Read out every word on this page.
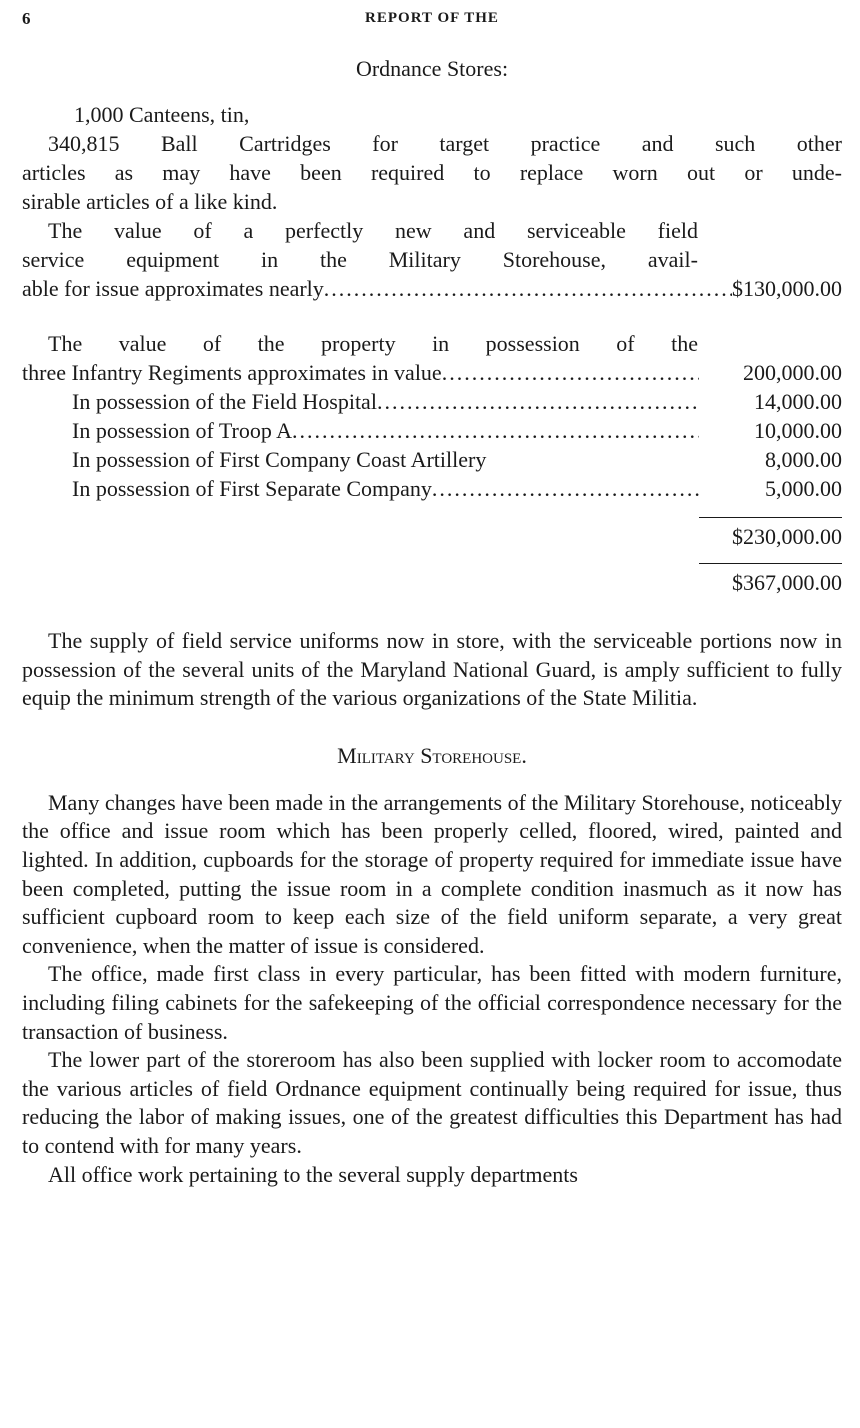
6	REPORT OF THE
Ordnance Stores:
1,000 Canteens, tin,
340,815 Ball Cartridges for target practice and such other
articles as may have been required to replace worn out or unde-
sirable articles of a like kind.
The value of a perfectly new and serviceable field
service equipment in the Military Storehouse, avail-
able for issue approximates nearly .....	$130,000.00
The value of the property in possession of the
three Infantry Regiments approximates in value .....	200,000.00
In possession of the Field Hospital .....	14,000.00
In possession of Troop A .....	10,000.00
In possession of First Company Coast Artillery	8,000.00
In possession of First Separate Company .....	5,000.00
$230,000.00
$367,000.00

The supply of field service uniforms now in store, with the serviceable portions now in possession of the several units of the Maryland National Guard, is amply sufficient to fully equip the minimum strength of the various organizations of the State Militia.

Military Storehouse.

Many changes have been made in the arrangements of the Military Storehouse, noticeably the office and issue room which has been properly celled, floored, wired, painted and lighted. In addition, cupboards for the storage of property required for immediate issue have been completed, putting the issue room in a complete condition inasmuch as it now has sufficient cupboard room to keep each size of the field uniform separate, a very great convenience, when the matter of issue is considered.

The office, made first class in every particular, has been fitted with modern furniture, including filing cabinets for the safekeeping of the official correspondence necessary for the transaction of business.

The lower part of the storeroom has also been supplied with locker room to accomodate the various articles of field Ordnance equipment continually being required for issue, thus reducing the labor of making issues, one of the greatest difficulties this Department has had to contend with for many years.

All office work pertaining to the several supply departments
